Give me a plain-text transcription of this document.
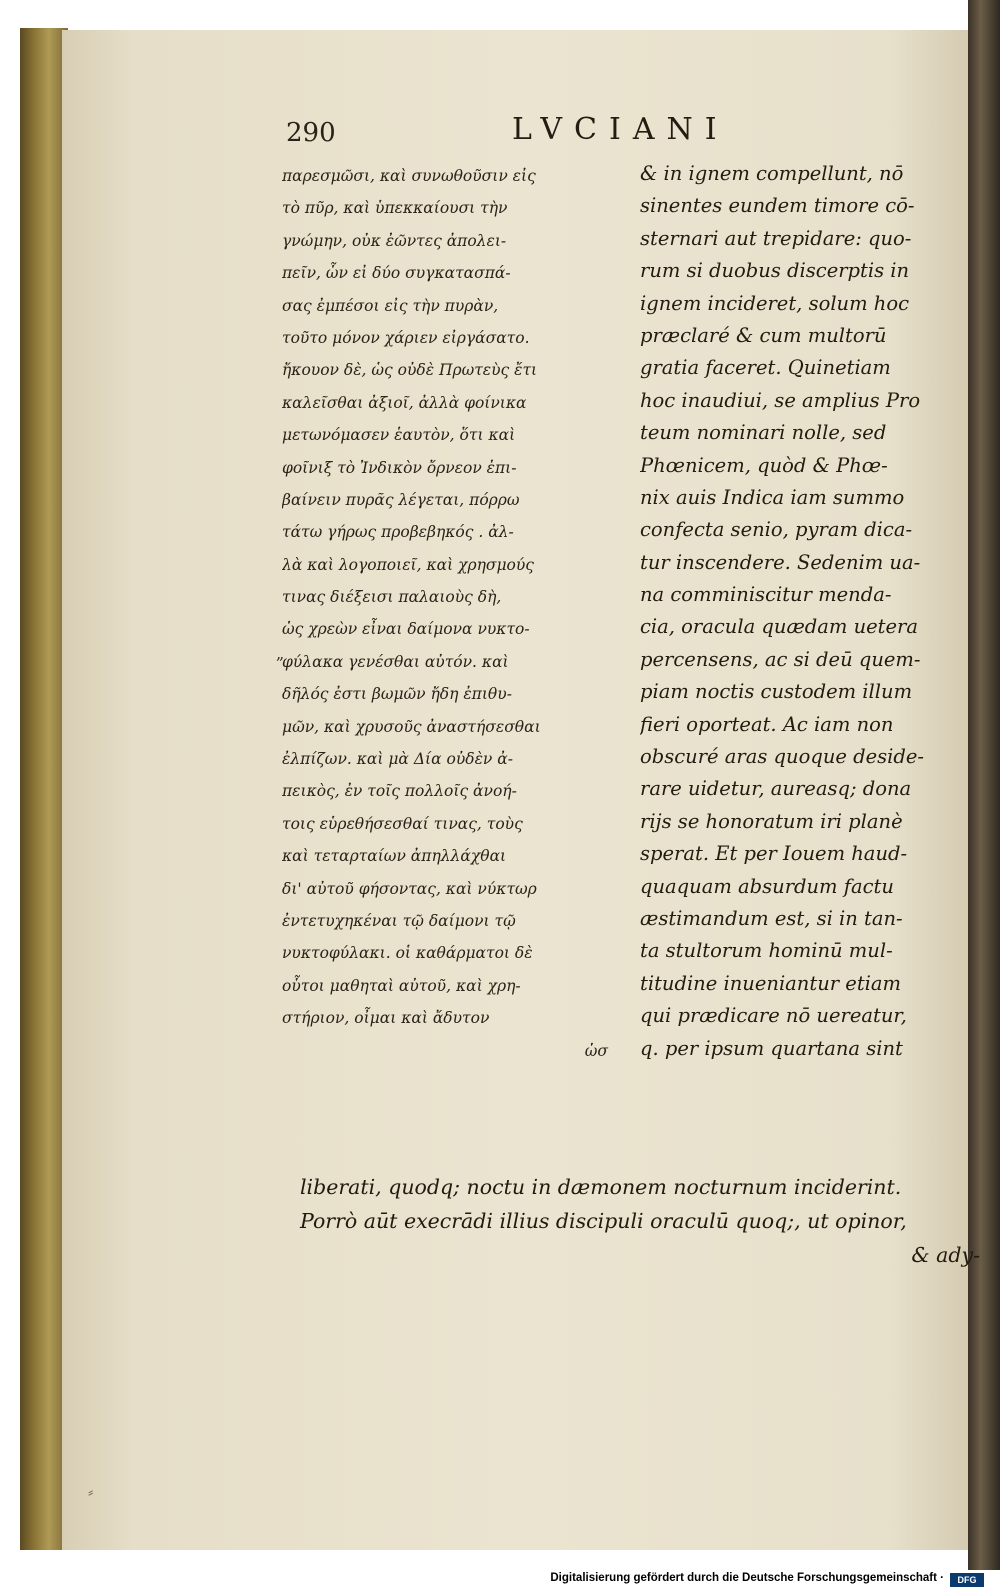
290	LVCIANI
„
παρεσμῶσι, καὶ συνωθοῦσιν εἰς
τὸ πῦρ, καὶ ὑπεκκαίουσι τὴν
γνώμην, οὐκ ἐῶντες ἀπολει-
πεῖν, ὧν εἰ δύο συγκατασπά-
σας ἐμπέσοι εἰς τὴν πυρὰν,
τοῦτο μόνον χάριεν εἰργάσατο.
ἤκουον δὲ, ὡς οὐδὲ Πρωτεὺς ἔτι
καλεῖσθαι ἀξιοῖ, ἀλλὰ φοίνικα
μετωνόμασεν ἑαυτὸν, ὅτι καὶ
φοῖνιξ τὸ Ἰνδικὸν ὄρνεον ἐπι-
βαίνειν πυρᾶς λέγεται, πόρρω
τάτω γήρως προβεβηκός . ἀλ-
λὰ καὶ λογοποιεῖ, καὶ χρησμούς
τινας διέξεισι παλαιοὺς δὴ,
ὡς χρεὼν εἶναι δαίμονα νυκτο-
φύλακα γενέσθαι αὐτόν. καὶ
δῆλός ἐστι βωμῶν ἤδη ἐπιθυ-
μῶν, καὶ χρυσοῦς ἀναστήσεσθαι
ἐλπίζων. καὶ μὰ Δία οὐδὲν ἀ-
πεικὸς, ἐν τοῖς πολλοῖς ἀνοή-
τοις εὑρεθήσεσθαί τινας, τοὺς
καὶ τεταρταίων ἀπηλλάχθαι
δι' αὐτοῦ φήσοντας, καὶ νύκτωρ
ἐντετυχηκέναι τῷ δαίμονι τῷ
νυκτοφύλακι. οἱ καθάρματοι δὲ
οὗτοι μαθηταὶ αὐτοῦ, καὶ χρη-
στήριον, οἶμαι καὶ ἄδυτον
ὡσ
& in ignem compellunt, nō
sinentes eundem timore cō-
sternari aut trepidare: quo-
rum si duobus discerptis in
ignem incideret, solum hoc
præclaré & cum multorū
gratia faceret. Quinetiam
hoc inaudiui, se amplius Pro
teum nominari nolle, sed
Phœnicem, quòd & Phœ-
nix auis Indica iam summo
confecta senio, pyram dica-
tur inscendere. Sedenim ua-
na comminiscitur menda-
cia, oracula quædam uetera
percensens, ac si deū quem-
piam noctis custodem illum
fieri oporteat. Ac iam non
obscuré aras quoque deside-
rare uidetur, aureasq; dona
rijs se honoratum iri planè
sperat. Et per Iouem haud-
quaquam absurdum factu
æstimandum est, si in tan-
ta stultorum hominū mul-
titudine inueniantur etiam
qui prædicare nō uereatur,
q. per ipsum quartana sint
liberati, quodq; noctu in dæmonem nocturnum inciderint.
Porrò aūt execrādi illius discipuli oraculū quoq;, ut opinor,
& ady-
⸗
Digitalisierung gefördert durch die Deutsche Forschungsgemeinschaft ·	DFG
